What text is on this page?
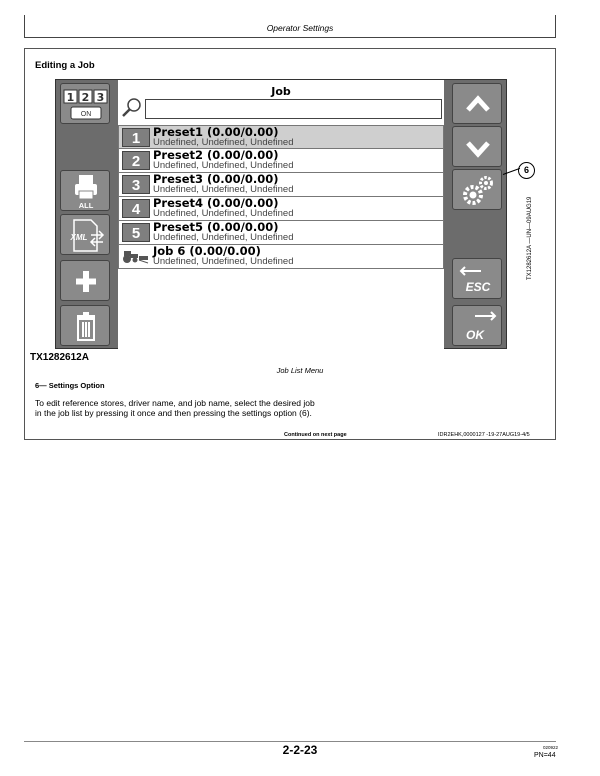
Operator Settings
Editing a Job
1 2 3
ON
ALL
XML
Job
1	Preset1 (0.00/0.00)
Undefined, Undefined, Undefined
2	Preset2 (0.00/0.00)
Undefined, Undefined, Undefined
3	Preset3 (0.00/0.00)
Undefined, Undefined, Undefined
4	Preset4 (0.00/0.00)
Undefined, Undefined, Undefined
5	Preset5 (0.00/0.00)
Undefined, Undefined, Undefined
Job 6 (0.00/0.00)
Undefined, Undefined, Undefined
ESC
OK
6
TX1282612A —UN—09AUG19
TX1282612A
Job List Menu
6— Settings Option
To edit reference stores, driver name, and job name, select the desired job in the job list by pressing it once and then pressing the settings option (6).
Continued on next page	IDR2EHK,0000127 -19-27AUG19-4/5
2-2-23	020922
PN=44
